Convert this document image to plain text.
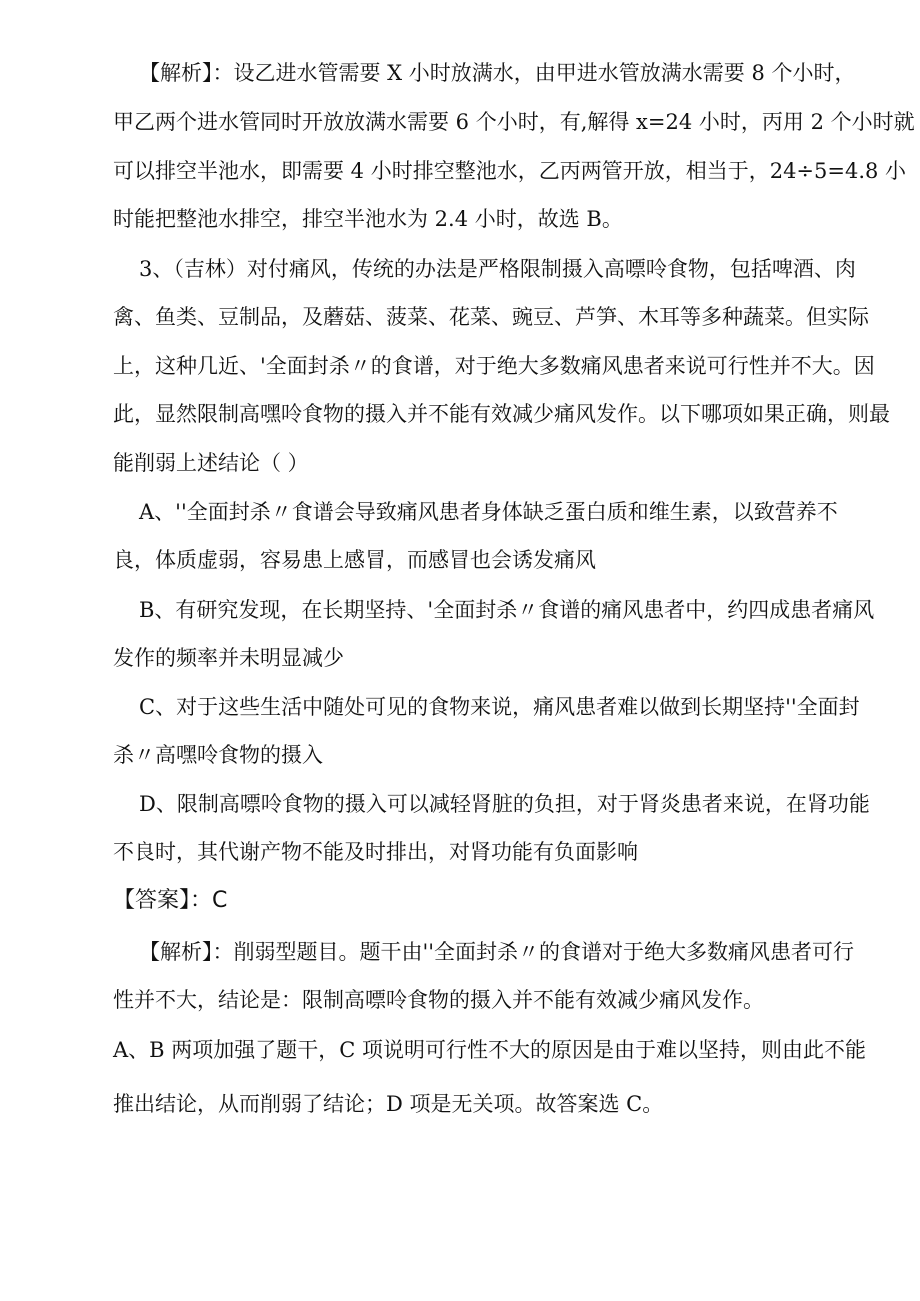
【解析】：设乙进水管需要 X 小时放满水，由甲进水管放满水需要 8 个小时，
甲乙两个进水管同时开放放满水需要 6 个小时，有,解得 x=24 小时，丙用 2 个小时就
可以排空半池水，即需要 4 小时排空整池水，乙丙两管开放，相当于，24÷5=4.8 小
时能把整池水排空，排空半池水为 2.4 小时，故选 B。
3、（吉林）对付痛风，传统的办法是严格限制摄入高嘌呤食物，包括啤酒、肉
禽、鱼类、豆制品，及蘑菇、菠菜、花菜、豌豆、芦笋、木耳等多种蔬菜。但实际
上，这种几近、'全面封杀〃的食谱，对于绝大多数痛风患者来说可行性并不大。因
此，显然限制高嘿呤食物的摄入并不能有效减少痛风发作。以下哪项如果正确，则最
能削弱上述结论（ ）
A、''全面封杀〃食谱会导致痛风患者身体缺乏蛋白质和维生素，以致营养不
良，体质虚弱，容易患上感冒，而感冒也会诱发痛风
B、有研究发现，在长期坚持、'全面封杀〃食谱的痛风患者中，约四成患者痛风
发作的频率并未明显减少
C、对于这些生活中随处可见的食物来说，痛风患者难以做到长期坚持''全面封
杀〃高嘿呤食物的摄入
D、限制高嘌呤食物的摄入可以减轻肾脏的负担，对于肾炎患者来说，在肾功能
不良时，其代谢产物不能及时排出，对肾功能有负面影响
【答案】：C
【解析】：削弱型题目。题干由''全面封杀〃的食谱对于绝大多数痛风患者可行
性并不大，结论是：限制高嘌呤食物的摄入并不能有效减少痛风发作。
A、B 两项加强了题干，C 项说明可行性不大的原因是由于难以坚持，则由此不能
推出结论，从而削弱了结论；D 项是无关项。故答案选 C。
